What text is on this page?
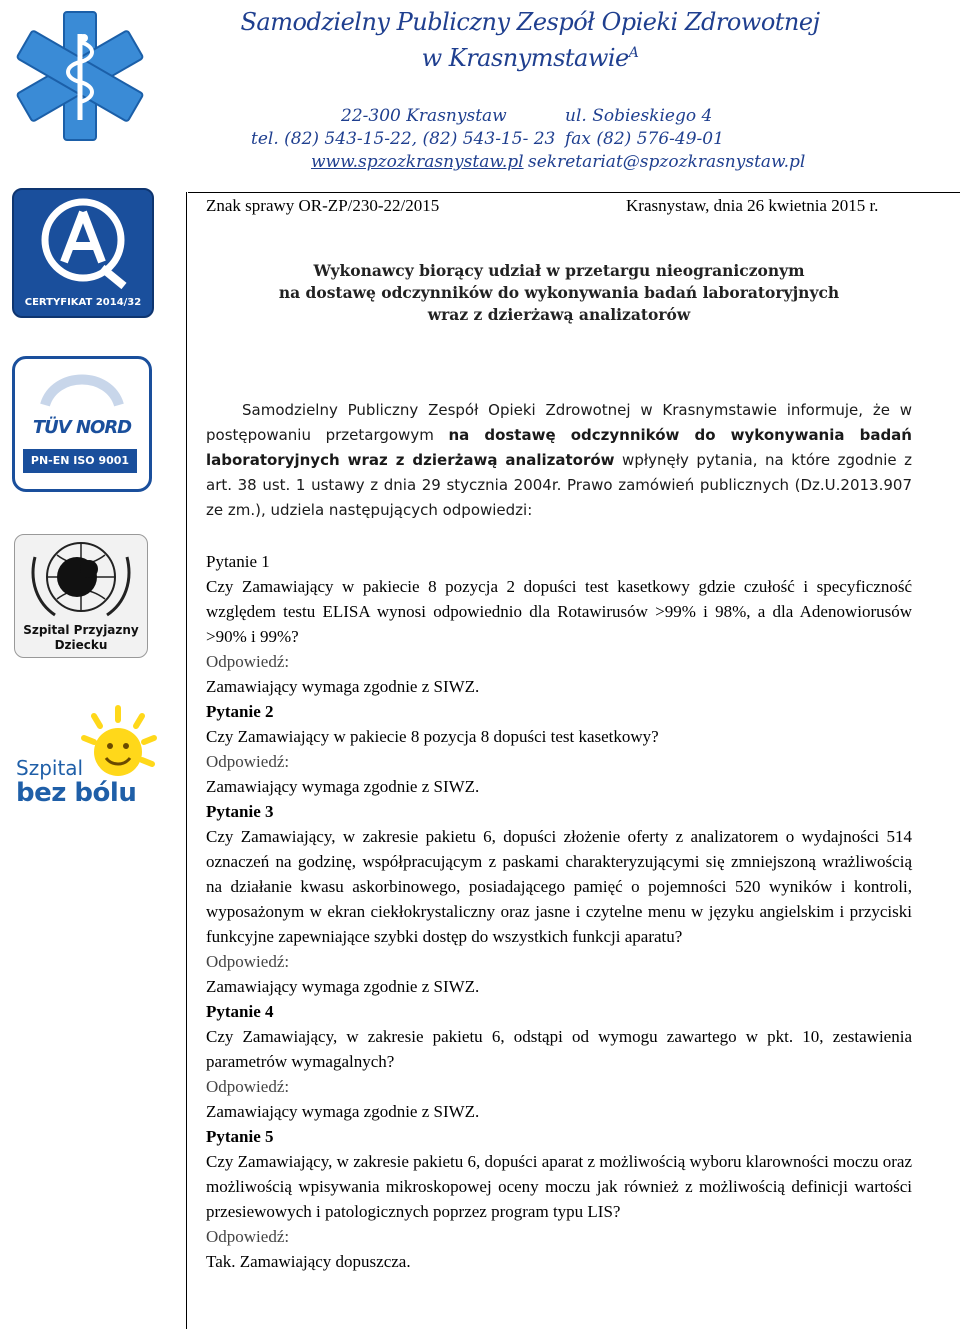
CERTYFIKAT 2014/32
TÜV NORD
PN-EN ISO 9001
Szpital Przyjazny
Dziecku
Szpital
bez bólu
Samodzielny Publiczny Zespół Opieki Zdrowotnej
w Krasnymstawie$^A$
22-300 Krasnystaw	ul. Sobieskiego 4
tel. (82) 543-15-22, (82) 543-15- 23 fax (82) 576-49-01
www.spzozkrasnystaw.pl sekretariat@spzozkrasnystaw.pl
Znak sprawy OR-ZP/230-22/2015	Krasnystaw, dnia 26 kwietnia 2015 r.
Wykonawcy biorący udział w przetargu nieograniczonym
na dostawę odczynników do wykonywania badań laboratoryjnych
wraz z dzierżawą analizatorów
Samodzielny Publiczny Zespół Opieki Zdrowotnej w Krasnymstawie informuje, że w postępowaniu przetargowym na dostawę odczynników do wykonywania badań laboratoryjnych wraz z dzierżawą analizatorów wpłynęły pytania, na które zgodnie z art. 38 ust. 1 ustawy z dnia 29 stycznia 2004r. Prawo zamówień publicznych (Dz.U.2013.907 ze zm.), udziela następujących odpowiedzi:

Pytanie 1

Czy Zamawiający w pakiecie 8 pozycja 2 dopuści test kasetkowy gdzie czułość i specyficzność względem testu ELISA wynosi odpowiednio dla Rotawirusów >99% i 98%, a dla Adenowiorusów >90% i 99%?

Odpowiedź:

Zamawiający wymaga zgodnie z SIWZ.

Pytanie 2

Czy Zamawiający w pakiecie 8 pozycja 8 dopuści test kasetkowy?

Odpowiedź:

Zamawiający wymaga zgodnie z SIWZ.

Pytanie 3

Czy Zamawiający, w zakresie pakietu 6, dopuści złożenie oferty z analizatorem o wydajności 514 oznaczeń na godzinę, współpracującym z paskami charakteryzującymi się zmniejszoną wrażliwością na działanie kwasu askorbinowego, posiadającego pamięć o pojemności 520 wyników i kontroli, wyposażonym w ekran ciekłokrystaliczny oraz jasne i czytelne menu w języku angielskim i przyciski funkcyjne zapewniające szybki dostęp do wszystkich funkcji aparatu?

Odpowiedź:

Zamawiający wymaga zgodnie z SIWZ.

Pytanie 4

Czy Zamawiający, w zakresie pakietu 6, odstąpi od wymogu zawartego w pkt. 10, zestawienia parametrów wymagalnych?

Odpowiedź:

Zamawiający wymaga zgodnie z SIWZ.

Pytanie 5

Czy Zamawiający, w zakresie pakietu 6, dopuści aparat z możliwością wyboru klarowności moczu oraz możliwością wpisywania mikroskopowej oceny moczu jak również z możliwością definicji wartości przesiewowych i patologicznych poprzez program typu LIS?

Odpowiedź:

Tak. Zamawiający dopuszcza.
